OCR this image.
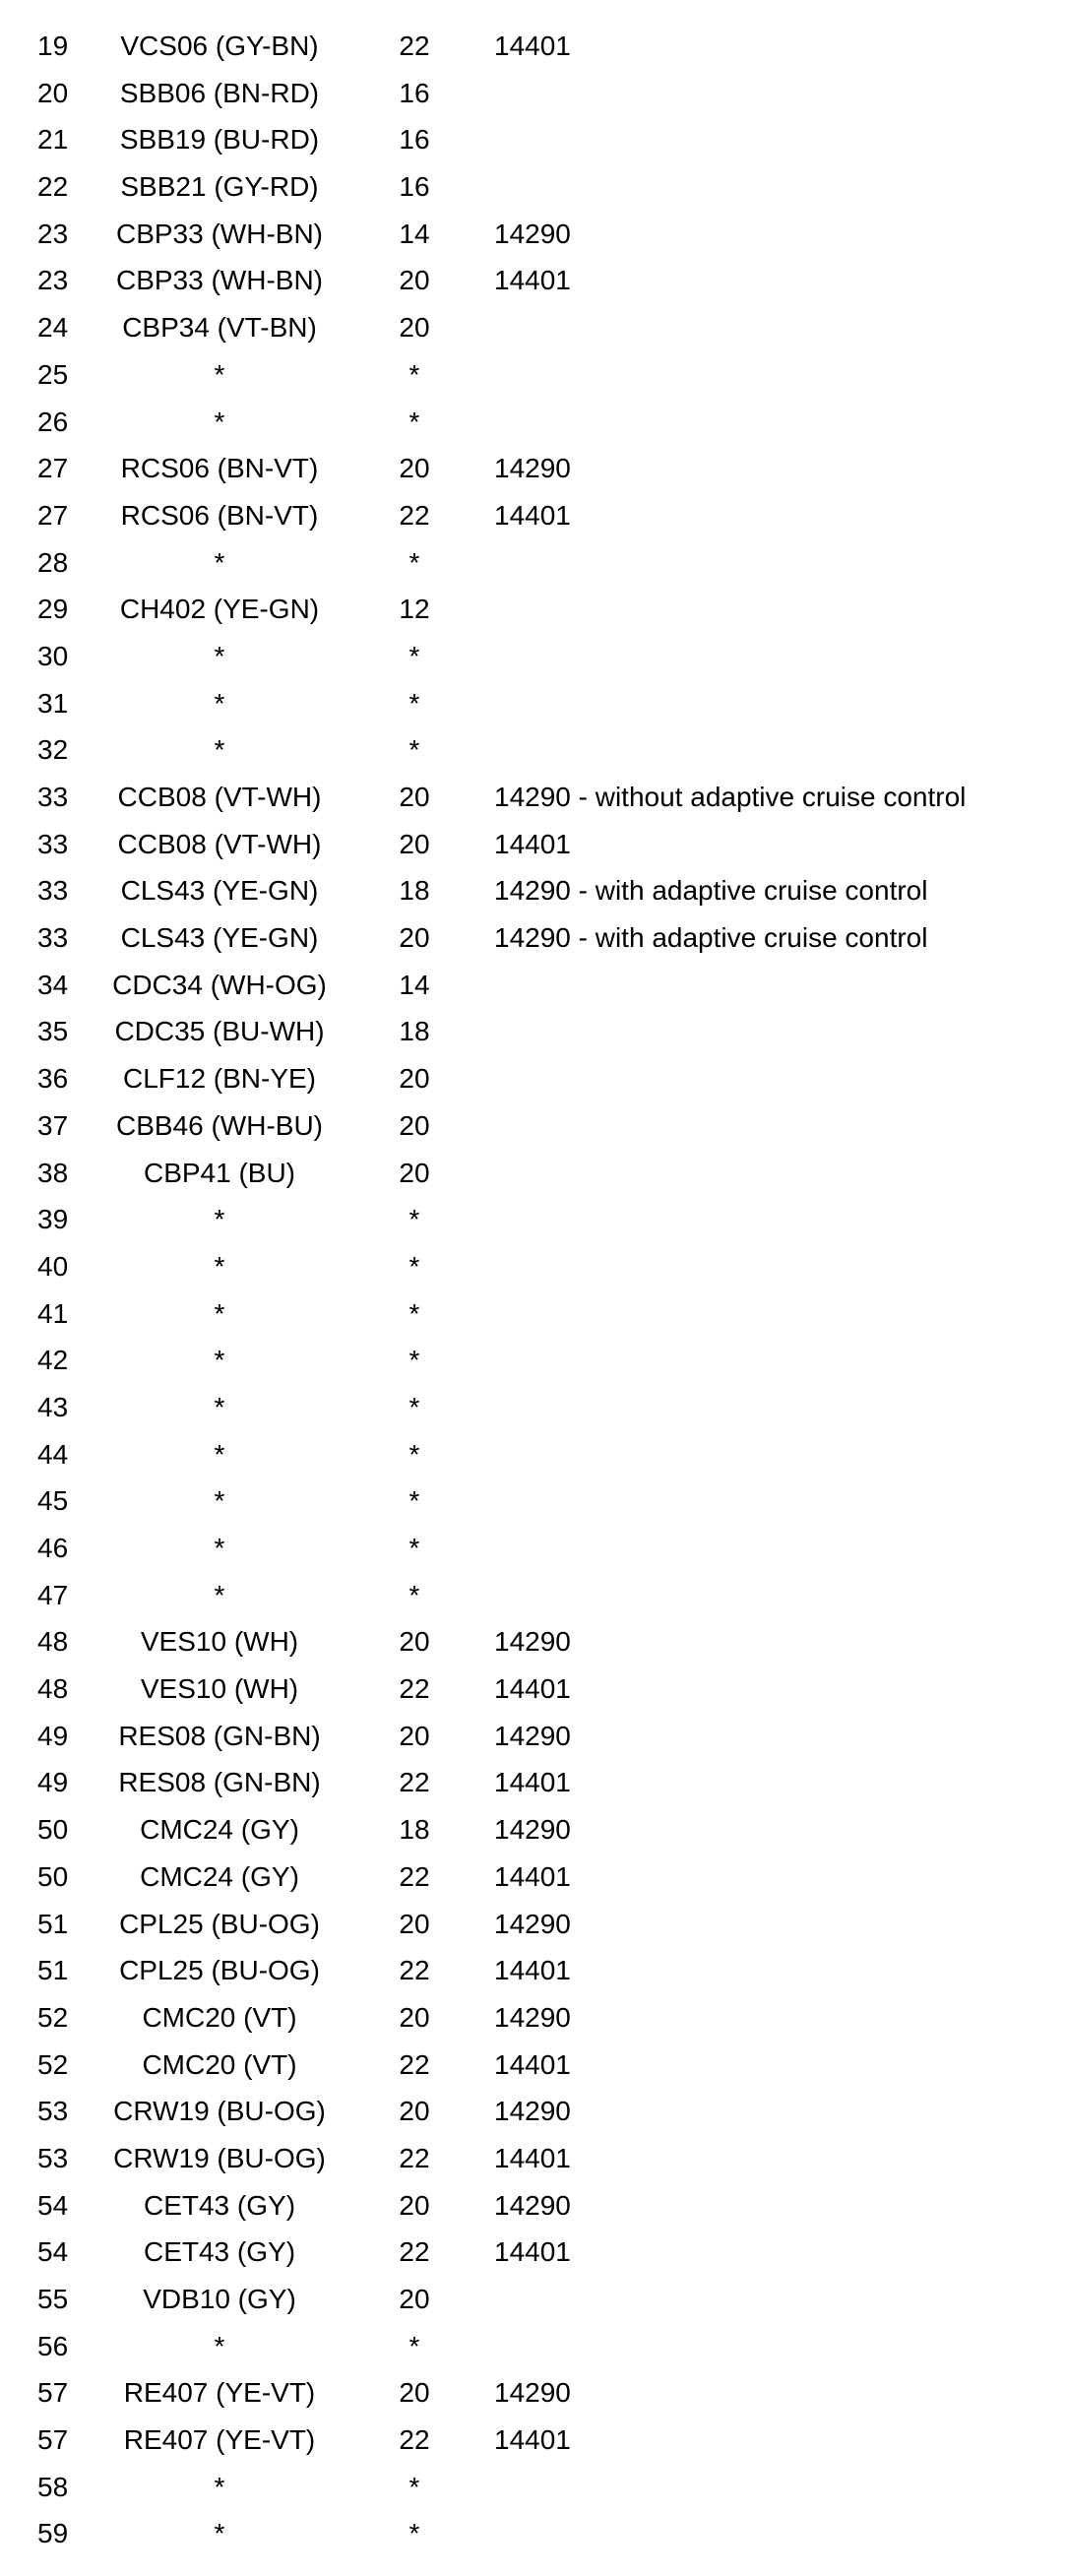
19	VCS06 (GY-BN)	22	14401
20	SBB06 (BN-RD)	16
21	SBB19 (BU-RD)	16
22	SBB21 (GY-RD)	16
23	CBP33 (WH-BN)	14	14290
23	CBP33 (WH-BN)	20	14401
24	CBP34 (VT-BN)	20
25	*	*
26	*	*
27	RCS06 (BN-VT)	20	14290
27	RCS06 (BN-VT)	22	14401
28	*	*
29	CH402 (YE-GN)	12
30	*	*
31	*	*
32	*	*
33	CCB08 (VT-WH)	20	14290 - without adaptive cruise control
33	CCB08 (VT-WH)	20	14401
33	CLS43 (YE-GN)	18	14290 - with adaptive cruise control
33	CLS43 (YE-GN)	20	14290 - with adaptive cruise control
34	CDC34 (WH-OG)	14
35	CDC35 (BU-WH)	18
36	CLF12 (BN-YE)	20
37	CBB46 (WH-BU)	20
38	CBP41 (BU)	20
39	*	*
40	*	*
41	*	*
42	*	*
43	*	*
44	*	*
45	*	*
46	*	*
47	*	*
48	VES10 (WH)	20	14290
48	VES10 (WH)	22	14401
49	RES08 (GN-BN)	20	14290
49	RES08 (GN-BN)	22	14401
50	CMC24 (GY)	18	14290
50	CMC24 (GY)	22	14401
51	CPL25 (BU-OG)	20	14290
51	CPL25 (BU-OG)	22	14401
52	CMC20 (VT)	20	14290
52	CMC20 (VT)	22	14401
53	CRW19 (BU-OG)	20	14290
53	CRW19 (BU-OG)	22	14401
54	CET43 (GY)	20	14290
54	CET43 (GY)	22	14401
55	VDB10 (GY)	20
56	*	*
57	RE407 (YE-VT)	20	14290
57	RE407 (YE-VT)	22	14401
58	*	*
59	*	*
